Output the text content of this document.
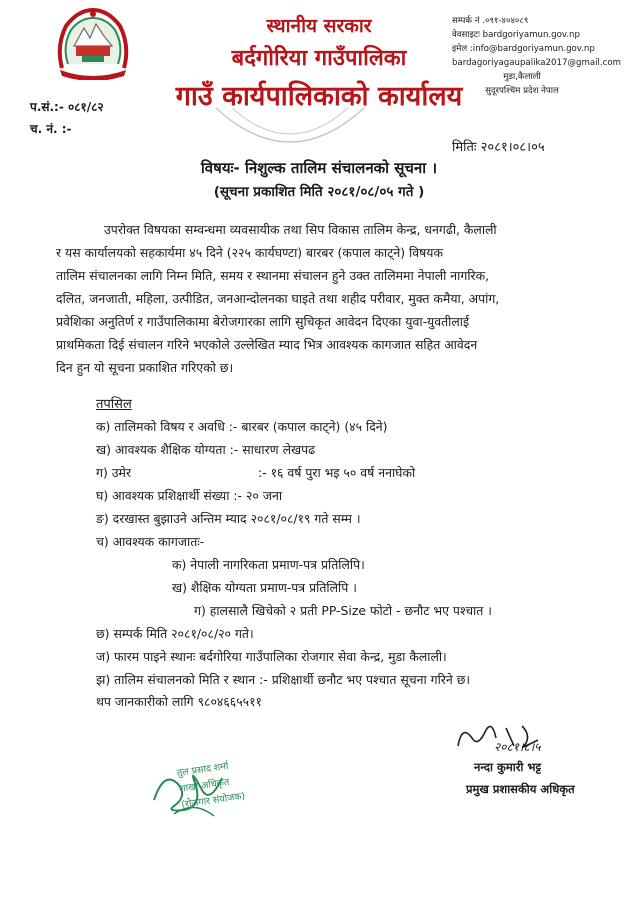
स्थानीय सरकार
बर्दगोरिया गाउँपालिका
गाउँ कार्यपालिकाको कार्यालय
सम्पर्क नं .०९१-४०४०८९
वेवसाइटः bardgoriyamun.gov.np
इमेल :info@bardgoriyamun.gov.np
bardagoriyagaupalika2017@gmail.com
मुडा,कैलाली
सुदूरपश्चिम प्रदेश नेपाल
प.सं.:- ०८१/८२
च. नं. :-
मितिः २०८१।०८।०५
विषयः- निशुल्क तालिम संचालनको सूचना ।
(सूचना प्रकाशित मिति २०८१/०८/०५ गते )
उपरोक्त विषयका सम्वन्धमा व्यवसायीक तथा सिप विकास तालिम केन्द्र, धनगढी, कैलाली
र यस कार्यालयको सहकार्यमा ४५ दिने (२२५ कार्यघण्टा) बारबर (कपाल काट्ने) विषयक
तालिम संचालनका लागि निम्न मिति, समय र स्थानमा संचालन हुने उक्त तालिममा नेपाली नागरिक,
दलित, जनजाती, महिला, उत्पीडित, जनआन्दोलनका घाइते तथा शहीद परीवार, मुक्त कमैया, अपांग,
प्रवेशिका अनुतिर्ण र गाउँपालिकामा बेरोजगारका लागि सुचिकृत आवेदन दिएका युवा-युवतीलाई
प्राथमिकता दिई संचालन गरिने भएकोले उल्लेखित म्याद भित्र आवश्यक कागजात सहित आवेदन
दिन हुन यो सूचना प्रकाशित गरिएको छ।
तपसिल
क) तालिमको विषय र अवधि :- बारबर (कपाल काट्ने) (४५ दिने)
ख) आवश्यक शैक्षिक योग्यता :- साधारण लेखपढ
ग) उमेर	:- १६ वर्ष पुरा भइ ५० वर्ष ननाघेको
घ) आवश्यक प्रशिक्षार्थी संख्या :- २० जना
ङ) दरखास्त बुझाउने अन्तिम म्याद २०८१/०८/१९ गते सम्म ।
च) आवश्यक कागजातः-
क) नेपाली नागरिकता प्रमाण-पत्र प्रतिलिपि।
ख) शैक्षिक योग्यता प्रमाण-पत्र प्रतिलिपि ।
ग) हालसालै खिचेको २ प्रती PP-Size फोटो - छनौट भए पश्चात ।
छ) सम्पर्क मिति २०८१/०८/२० गते।
ज) फारम पाइने स्थानः बर्दगोरिया गाउँपालिका रोजगार सेवा केन्द्र, मुडा कैलाली।
झ) तालिम संचालनको मिति र स्थान :- प्रशिक्षार्थी छनौट भए पश्चात सूचना गरिने छ।
थप जानकारीको लागि ९८०४६६५५११
तुल प्रसाद शर्मा
शाखा अधिकृत
(रोजगार संयोजक)
२०८१।८।५
नन्दा कुमारी भट्ट
प्रमुख प्रशासकीय अधिकृत
